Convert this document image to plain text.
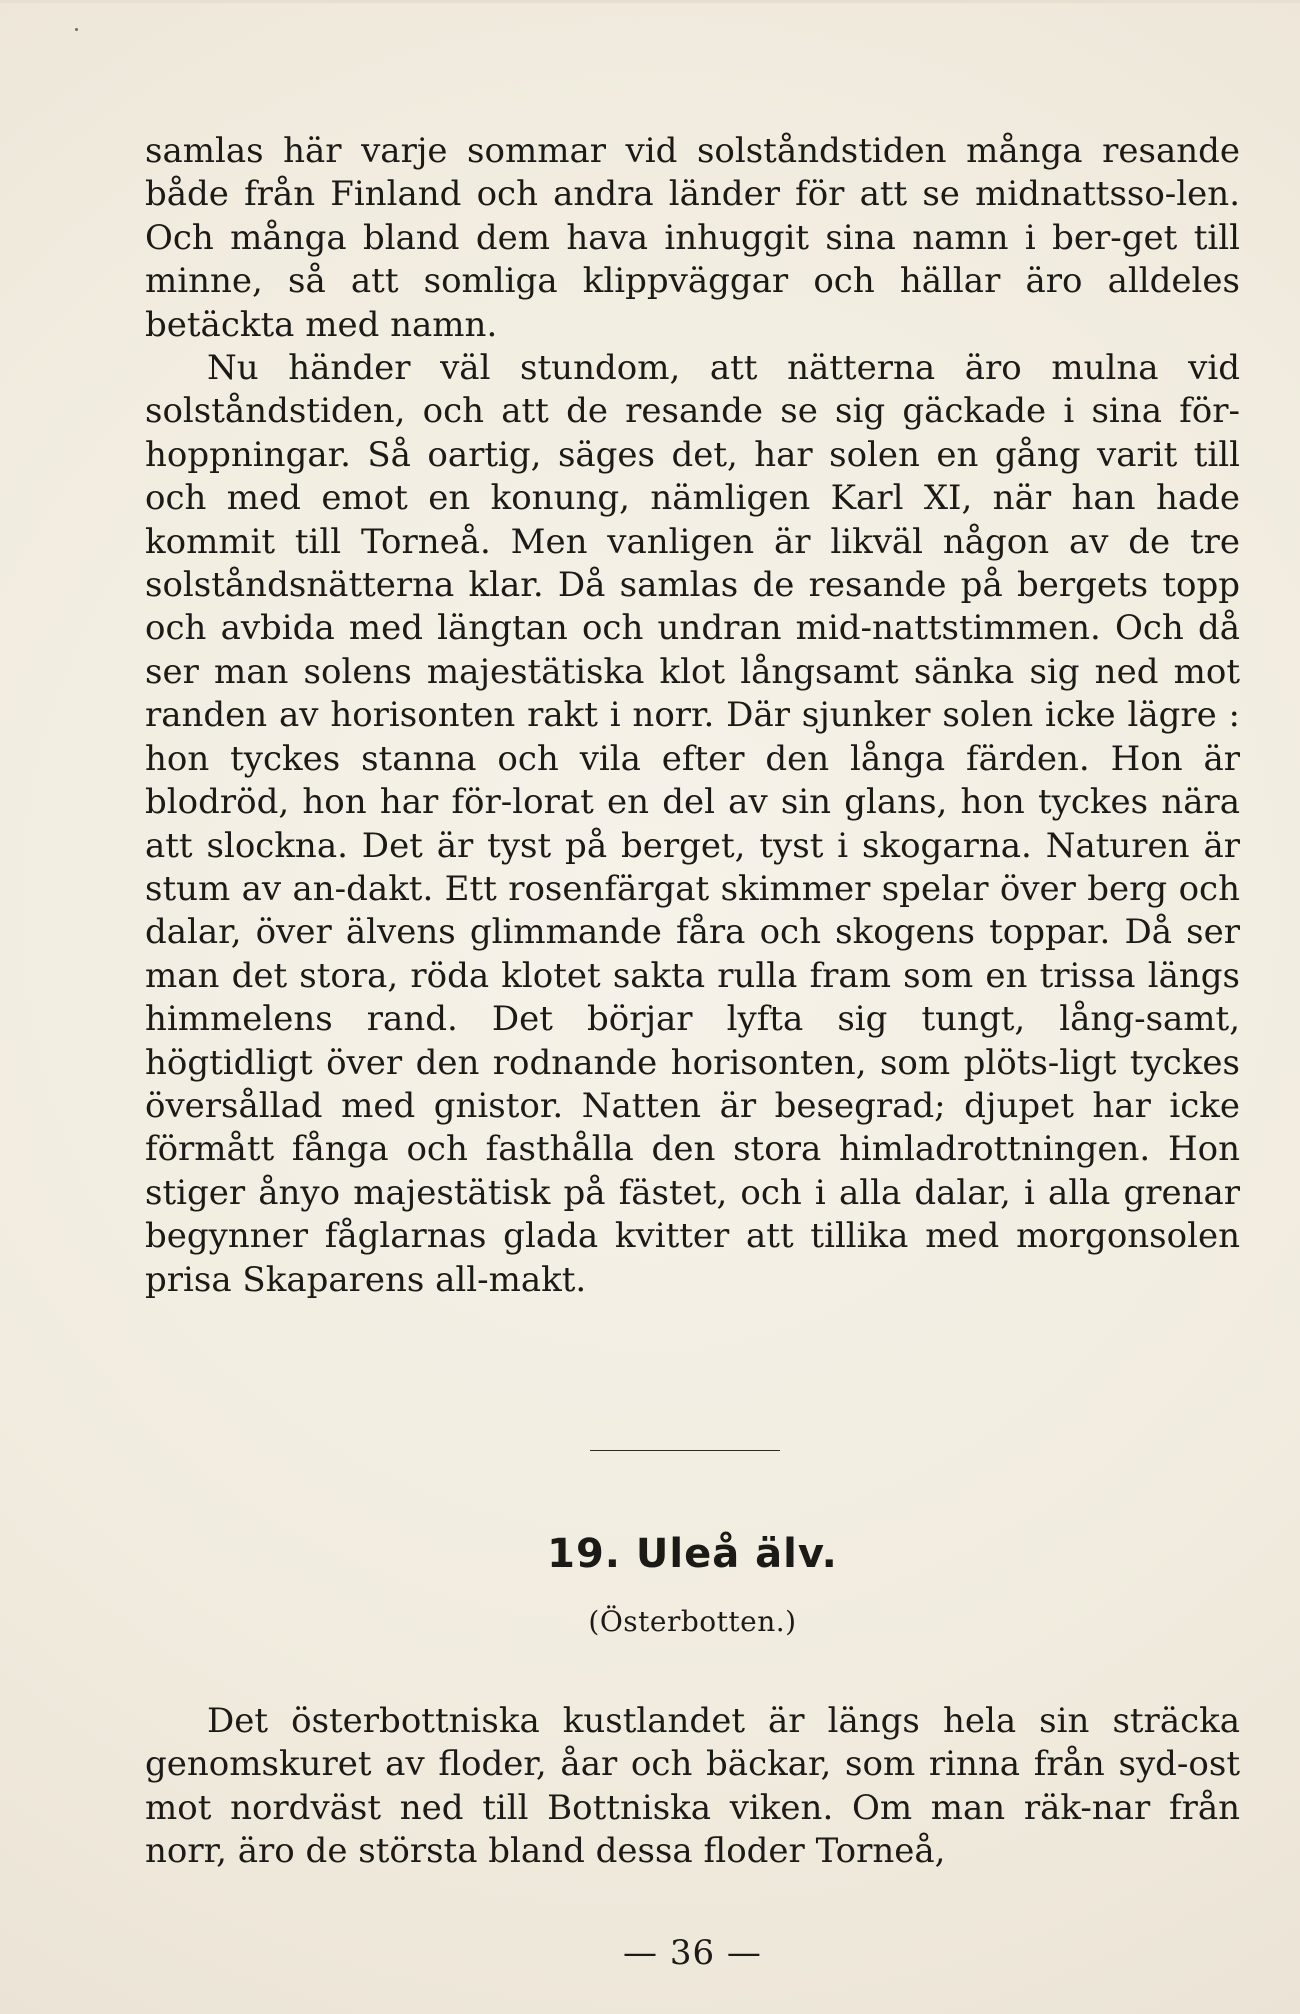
samlas här varje sommar vid solståndstiden många resande både från Finland och andra länder för att se midnattsso-len. Och många bland dem hava inhuggit sina namn i ber-get till minne, så att somliga klippväggar och hällar äro alldeles betäckta med namn.

Nu händer väl stundom, att nätterna äro mulna vid solståndstiden, och att de resande se sig gäckade i sina för-hoppningar. Så oartig, säges det, har solen en gång varit till och med emot en konung, nämligen Karl XI, när han hade kommit till Torneå. Men vanligen är likväl någon av de tre solståndsnätterna klar. Då samlas de resande på bergets topp och avbida med längtan och undran mid-nattstimmen. Och då ser man solens majestätiska klot långsamt sänka sig ned mot randen av horisonten rakt i norr. Där sjunker solen icke lägre : hon tyckes stanna och vila efter den långa färden. Hon är blodröd, hon har för-lorat en del av sin glans, hon tyckes nära att slockna. Det är tyst på berget, tyst i skogarna. Naturen är stum av an-dakt. Ett rosenfärgat skimmer spelar över berg och dalar, över älvens glimmande fåra och skogens toppar. Då ser man det stora, röda klotet sakta rulla fram som en trissa längs himmelens rand. Det börjar lyfta sig tungt, lång-samt, högtidligt över den rodnande horisonten, som plöts-ligt tyckes översållad med gnistor. Natten är besegrad; djupet har icke förmått fånga och fasthålla den stora himladrottningen. Hon stiger ånyo majestätisk på fästet, och i alla dalar, i alla grenar begynner fåglarnas glada kvitter att tillika med morgonsolen prisa Skaparens all-makt.

19. Uleå älv.
(Österbotten.)

Det österbottniska kustlandet är längs hela sin sträcka genomskuret av floder, åar och bäckar, som rinna från syd-ost mot nordväst ned till Bottniska viken. Om man räk-nar från norr, äro de största bland dessa floder Torneå,

— 36 —
